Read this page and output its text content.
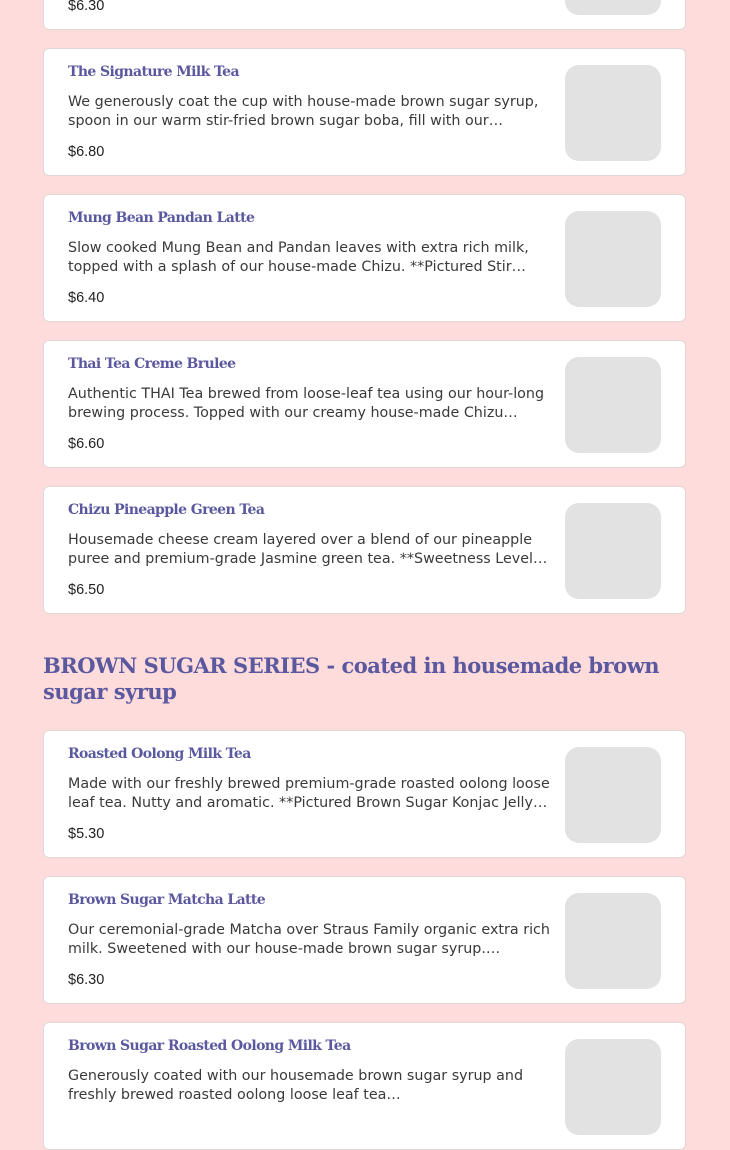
$6.30
The Signature Milk Tea
We generously coat the cup with house-made brown sugar syrup, spoon in our warm stir-fried brown sugar boba, fill with our…
$6.80
Mung Bean Pandan Latte
Slow cooked Mung Bean and Pandan leaves with extra rich milk, topped with a splash of our house-made Chizu. **Pictured Stir…
$6.40
Thai Tea Creme Brulee
Authentic THAI Tea brewed from loose-leaf tea using our hour-long brewing process. Topped with our creamy house-made Chizu…
$6.60
Chizu Pineapple Green Tea
Housemade cheese cream layered over a blend of our pineapple puree and premium-grade Jasmine green tea. **Sweetness Level…
$6.50
BROWN SUGAR SERIES - coated in housemade brown sugar syrup
Roasted Oolong Milk Tea
Made with our freshly brewed premium-grade roasted oolong loose leaf tea. Nutty and aromatic. **Pictured Brown Sugar Konjac Jelly…
$5.30
Brown Sugar Matcha Latte
Our ceremonial-grade Matcha over Straus Family organic extra rich milk. Sweetened with our house-made brown sugar syrup.…
$6.30
Brown Sugar Roasted Oolong Milk Tea
Generously coated with our housemade brown sugar syrup and freshly brewed roasted oolong loose leaf tea…
